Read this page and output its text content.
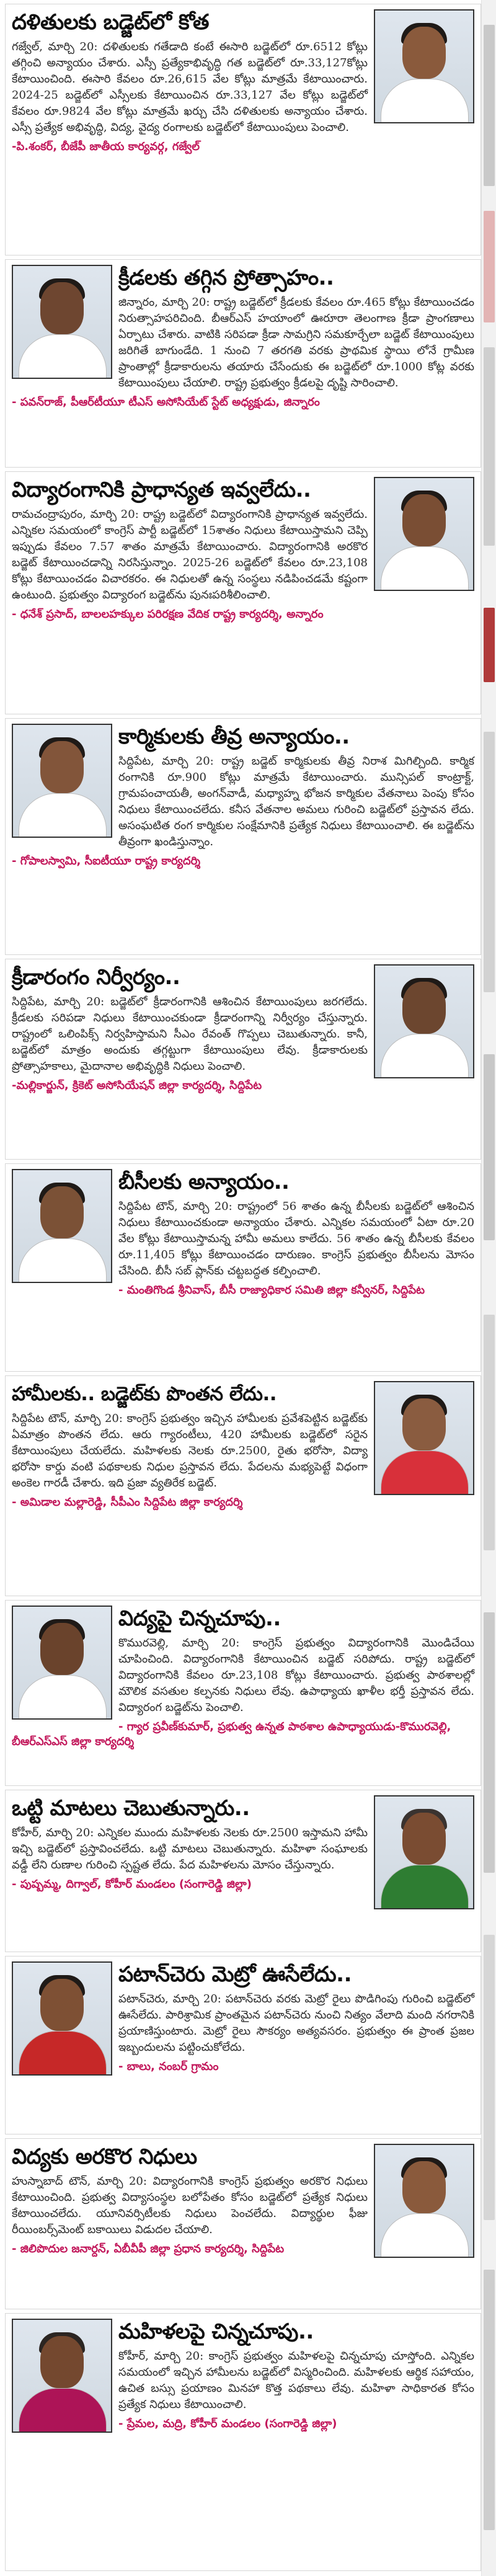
దళితులకు బడ్జెట్‌లో కోత
గజ్వేల్, మార్చి 20: దళితులకు గతేడాది కంటే ఈసారి బడ్జెట్‌లో రూ.6512 కోట్లు తగ్గించి అన్యాయం చేశారు. ఎస్సీ ప్రత్యేకాభివృద్ధి గత బడ్జెట్‌లో రూ.33,127కోట్లు కేటాయించింది. ఈసారి కేవలం రూ.26,615 వేల కోట్లు మాత్రమే కేటాయించారు. 2024-25 బడ్జెట్‌లో ఎస్సీలకు కేటాయించిన రూ.33,127 వేల కోట్లు బడ్జెట్‌లో కేవలం రూ.9824 వేల కోట్లు మాత్రమే ఖర్చు చేసి దళితులకు అన్యాయం చేశారు. ఎస్సీ ప్రత్యేక అభివృద్ధి, విద్య, వైద్య రంగాలకు బడ్జెట్‌లో కేటాయింపులు పెంచాలి.
-పి.శంకర్, బీజేపీ జాతీయ కార్యవర్గ, గజ్వేల్
క్రీడలకు తగ్గిన ప్రోత్సాహం..
జిన్నారం, మార్చి 20: రాష్ట్ర బడ్జెట్‌లో క్రీడలకు కేవలం రూ.465 కోట్లు కేటాయించడం నిరుత్సాహపరిచింది. బీఆర్‌ఎస్ హయాంలో ఊరూరా తెలంగాణ క్రీడా ప్రాంగణాలు ఏర్పాటు చేశారు. వాటికి సరిపడా క్రీడా సామగ్రిని సమకూర్చేలా బడ్జెట్ కేటాయింపులు జరిగితే బాగుండేది. 1 నుంచి 7 తరగతి వరకు ప్రాథమిక స్థాయి లోనే గ్రామీణ ప్రాంతాల్లో క్రీడాకారులను తయారు చేసేందుకు ఈ బడ్జెట్‌లో రూ.1000 కోట్ల వరకు కేటాయింపులు చేయాలి. రాష్ట్ర ప్రభుత్వం క్రీడలపై దృష్టి సారించాలి.
- పవన్‌రాజ్, పీఆర్‌టీయూ టీఎస్ అసోసియేట్ స్టేట్ అధ్యక్షుడు, జిన్నారం
విద్యారంగానికి ప్రాధాన్యత ఇవ్వలేదు..
రామచంద్రాపురం, మార్చి 20: రాష్ట్ర బడ్జెట్‌లో విద్యారంగానికి ప్రాధాన్యత ఇవ్వలేదు. ఎన్నికల సమయంలో కాంగ్రెస్ పార్టీ బడ్జెట్‌లో 15శాతం నిధులు కేటాయిస్తామని చెప్పి ఇప్పుడు కేవలం 7.57 శాతం మాత్రమే కేటాయించారు. విద్యారంగానికి అరకొర బడ్జెట్ కేటాయించడాన్ని నిరసిస్తున్నాం. 2025-26 బడ్జెట్‌లో కేవలం రూ.23,108 కోట్లు కేటాయించడం విచారకరం. ఈ నిధులతో ఉన్న సంస్థలు నడిపించడమే కష్టంగా ఉంటుంది. ప్రభుత్వం విద్యారంగ బడ్జెట్‌ను పునఃపరిశీలించాలి.
- ధనేశ్ ప్రసాద్, బాలలహక్కుల పరిరక్షణ వేదిక రాష్ట్ర కార్యదర్శి, అన్నారం
కార్మికులకు తీవ్ర అన్యాయం..
సిద్దిపేట, మార్చి 20: రాష్ట్ర బడ్జెట్ కార్మికులకు తీవ్ర నిరాశ మిగిల్చింది. కార్మిక రంగానికి రూ.900 కోట్లు మాత్రమే కేటాయించారు. మున్సిపల్ కాంట్రాక్ట్, గ్రామపంచాయతీ, అంగన్‌వాడీ, మధ్యాహ్న భోజన కార్మికుల వేతనాలు పెంపు కోసం నిధులు కేటాయించలేదు. కనీస వేతనాల అమలు గురించి బడ్జెట్‌లో ప్రస్తావన లేదు. అసంఘటిత రంగ కార్మికుల సంక్షేమానికి ప్రత్యేక నిధులు కేటాయించాలి. ఈ బడ్జెట్‌ను తీవ్రంగా ఖండిస్తున్నాం.
- గోపాలస్వామి, సీఐటీయూ రాష్ట్ర కార్యదర్శి
క్రీడారంగం నిర్వీర్యం..
సిద్దిపేట, మార్చి 20: బడ్జెట్‌లో క్రీడారంగానికి ఆశించిన కేటాయింపులు జరగలేదు. క్రీడలకు సరిపడా నిధులు కేటాయించకుండా క్రీడారంగాన్ని నిర్వీర్యం చేస్తున్నారు. రాష్ట్రంలో ఒలింపిక్స్ నిర్వహిస్తామని సీఎం రేవంత్ గొప్పలు చెబుతున్నారు. కానీ, బడ్జెట్‌లో మాత్రం అందుకు తగ్గట్టుగా కేటాయింపులు లేవు. క్రీడాకారులకు ప్రోత్సాహకాలు, మైదానాల అభివృద్ధికి నిధులు పెంచాలి.
-మల్లికార్జున్, క్రికెట్ అసోసియేషన్ జిల్లా కార్యదర్శి, సిద్దిపేట
బీసీలకు అన్యాయం..
సిద్దిపేట టౌన్, మార్చి 20: రాష్ట్రంలో 56 శాతం ఉన్న బీసీలకు బడ్జెట్‌లో ఆశించిన నిధులు కేటాయించకుండా అన్యాయం చేశారు. ఎన్నికల సమయంలో ఏటా రూ.20 వేల కోట్లు కేటాయిస్తామన్న హామీ అమలు కాలేదు. 56 శాతం ఉన్న బీసీలకు కేవలం రూ.11,405 కోట్లు కేటాయించడం దారుణం. కాంగ్రెస్ ప్రభుత్వం బీసీలను మోసం చేసింది. బీసీ సబ్ ప్లాన్‌కు చట్టబద్ధత కల్పించాలి.
- మంతిగొండ శ్రీనివాస్, బీసీ రాజ్యాధికార సమితి జిల్లా కన్వీనర్, సిద్దిపేట
హామీలకు.. బడ్జెట్‌కు పొంతన లేదు..
సిద్దిపేట టౌన్, మార్చి 20: కాంగ్రెస్ ప్రభుత్వం ఇచ్చిన హామీలకు ప్రవేశపెట్టిన బడ్జెట్‌కు ఏమాత్రం పొంతన లేదు. ఆరు గ్యారంటీలు, 420 హామీలకు బడ్జెట్‌లో సరైన కేటాయింపులు చేయలేదు. మహిళలకు నెలకు రూ.2500, రైతు భరోసా, విద్యా భరోసా కార్డు వంటి పథకాలకు నిధుల ప్రస్తావన లేదు. పేదలను మభ్యపెట్టే విధంగా అంకెల గారడీ చేశారు. ఇది ప్రజా వ్యతిరేక బడ్జెట్.
- అమిడాల మల్లారెడ్డి, సీపీఎం సిద్దిపేట జిల్లా కార్యదర్శి
విద్యపై చిన్నచూపు..
కొమురవెల్లి, మార్చి 20: కాంగ్రెస్ ప్రభుత్వం విద్యారంగానికి మొండిచేయి చూపించింది. విద్యారంగానికి కేటాయించిన బడ్జెట్ సరిపోదు. రాష్ట్ర బడ్జెట్‌లో విద్యారంగానికి కేవలం రూ.23,108 కోట్లు కేటాయించారు. ప్రభుత్వ పాఠశాలల్లో మౌలిక వసతుల కల్పనకు నిధులు లేవు. ఉపాధ్యాయ ఖాళీల భర్తీ ప్రస్తావన లేదు. విద్యారంగ బడ్జెట్‌ను పెంచాలి.
- గ్యార ప్రవీణ్‌కుమార్, ప్రభుత్వ ఉన్నత పాఠశాల ఉపాధ్యాయుడు-కొమురవెల్లి, బీఆర్‌ఎస్‌ఎస్ జిల్లా కార్యదర్శి
ఒట్టి మాటలు చెబుతున్నారు..
కోహీర్, మార్చి 20: ఎన్నికల ముందు మహిళలకు నెలకు రూ.2500 ఇస్తామని హామీ ఇచ్చి బడ్జెట్‌లో ప్రస్తావించలేదు. ఒట్టి మాటలు చెబుతున్నారు. మహిళా సంఘాలకు వడ్డీ లేని రుణాల గురించి స్పష్టత లేదు. పేద మహిళలను మోసం చేస్తున్నారు.
- పుష్పమ్మ, దిగ్వాల్, కోహీర్ మండలం (సంగారెడ్డి జిల్లా)
పటాన్‌చెరు మెట్రో ఊసేలేదు..
పటాన్‌చెరు, మార్చి 20: పటాన్‌చెరు వరకు మెట్రో రైలు పొడిగింపు గురించి బడ్జెట్‌లో ఊసేలేదు. పారిశ్రామిక ప్రాంతమైన పటాన్‌చెరు నుంచి నిత్యం వేలాది మంది నగరానికి ప్రయాణిస్తుంటారు. మెట్రో రైలు సౌకర్యం అత్యవసరం. ప్రభుత్వం ఈ ప్రాంత ప్రజల ఇబ్బందులను పట్టించుకోలేదు.
- బాలు, నంబర్ గ్రామం
విద్యకు అరకొర నిధులు
హుస్నాబాద్ టౌన్, మార్చి 20: విద్యారంగానికి కాంగ్రెస్ ప్రభుత్వం అరకొర నిధులు కేటాయించింది. ప్రభుత్వ విద్యాసంస్థల బలోపేతం కోసం బడ్జెట్‌లో ప్రత్యేక నిధులు కేటాయించలేదు. యూనివర్సిటీలకు నిధులు పెంచలేదు. విద్యార్థుల ఫీజు రీయింబర్స్‌మెంట్ బకాయిలు విడుదల చేయాలి.
- జిలిపొదుల జనార్దన్, ఏబీవీపీ జిల్లా ప్రధాన కార్యదర్శి, సిద్దిపేట
మహిళలపై చిన్నచూపు..
కోహీర్, మార్చి 20: కాంగ్రెస్ ప్రభుత్వం మహిళలపై చిన్నచూపు చూస్తోంది. ఎన్నికల సమయంలో ఇచ్చిన హామీలను బడ్జెట్‌లో విస్మరించింది. మహిళలకు ఆర్థిక సహాయం, ఉచిత బస్సు ప్రయాణం మినహా కొత్త పథకాలు లేవు. మహిళా సాధికారత కోసం ప్రత్యేక నిధులు కేటాయించాలి.
- ప్రేమల, మద్రి, కోహీర్ మండలం (సంగారెడ్డి జిల్లా)
